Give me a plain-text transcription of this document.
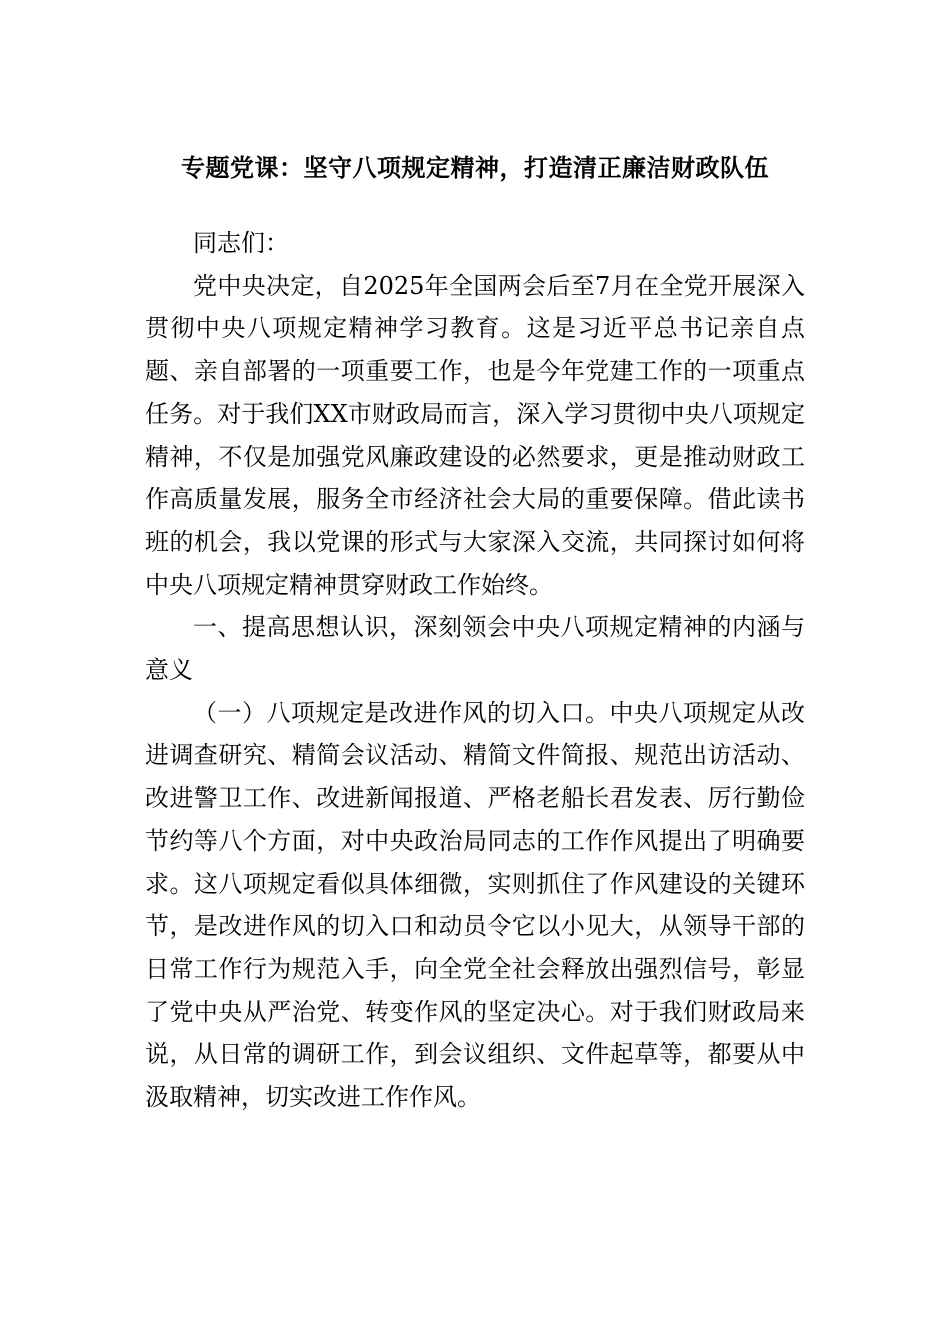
专题党课：坚守八项规定精神，打造清正廉洁财政队伍

同志们：

党中央决定，自2025年全国两会后至7月在全党开展深入贯彻中央八项规定精神学习教育。这是习近平总书记亲自点题、亲自部署的一项重要工作，也是今年党建工作的一项重点任务。对于我们XX市财政局而言，深入学习贯彻中央八项规定精神，不仅是加强党风廉政建设的必然要求，更是推动财政工作高质量发展，服务全市经济社会大局的重要保障。借此读书班的机会，我以党课的形式与大家深入交流，共同探讨如何将中央八项规定精神贯穿财政工作始终。

一、提高思想认识，深刻领会中央八项规定精神的内涵与意义

（一）八项规定是改进作风的切入口。中央八项规定从改进调查研究、精简会议活动、精简文件简报、规范出访活动、改进警卫工作、改进新闻报道、严格老船长君发表、厉行勤俭节约等八个方面，对中央政治局同志的工作作风提出了明确要求。这八项规定看似具体细微，实则抓住了作风建设的关键环节，是改进作风的切入口和动员令它以小见大，从领导干部的日常工作行为规范入手，向全党全社会释放出强烈信号，彰显了党中央从严治党、转变作风的坚定决心。对于我们财政局来说，从日常的调研工作，到会议组织、文件起草等，都要从中汲取精神，切实改进工作作风。
